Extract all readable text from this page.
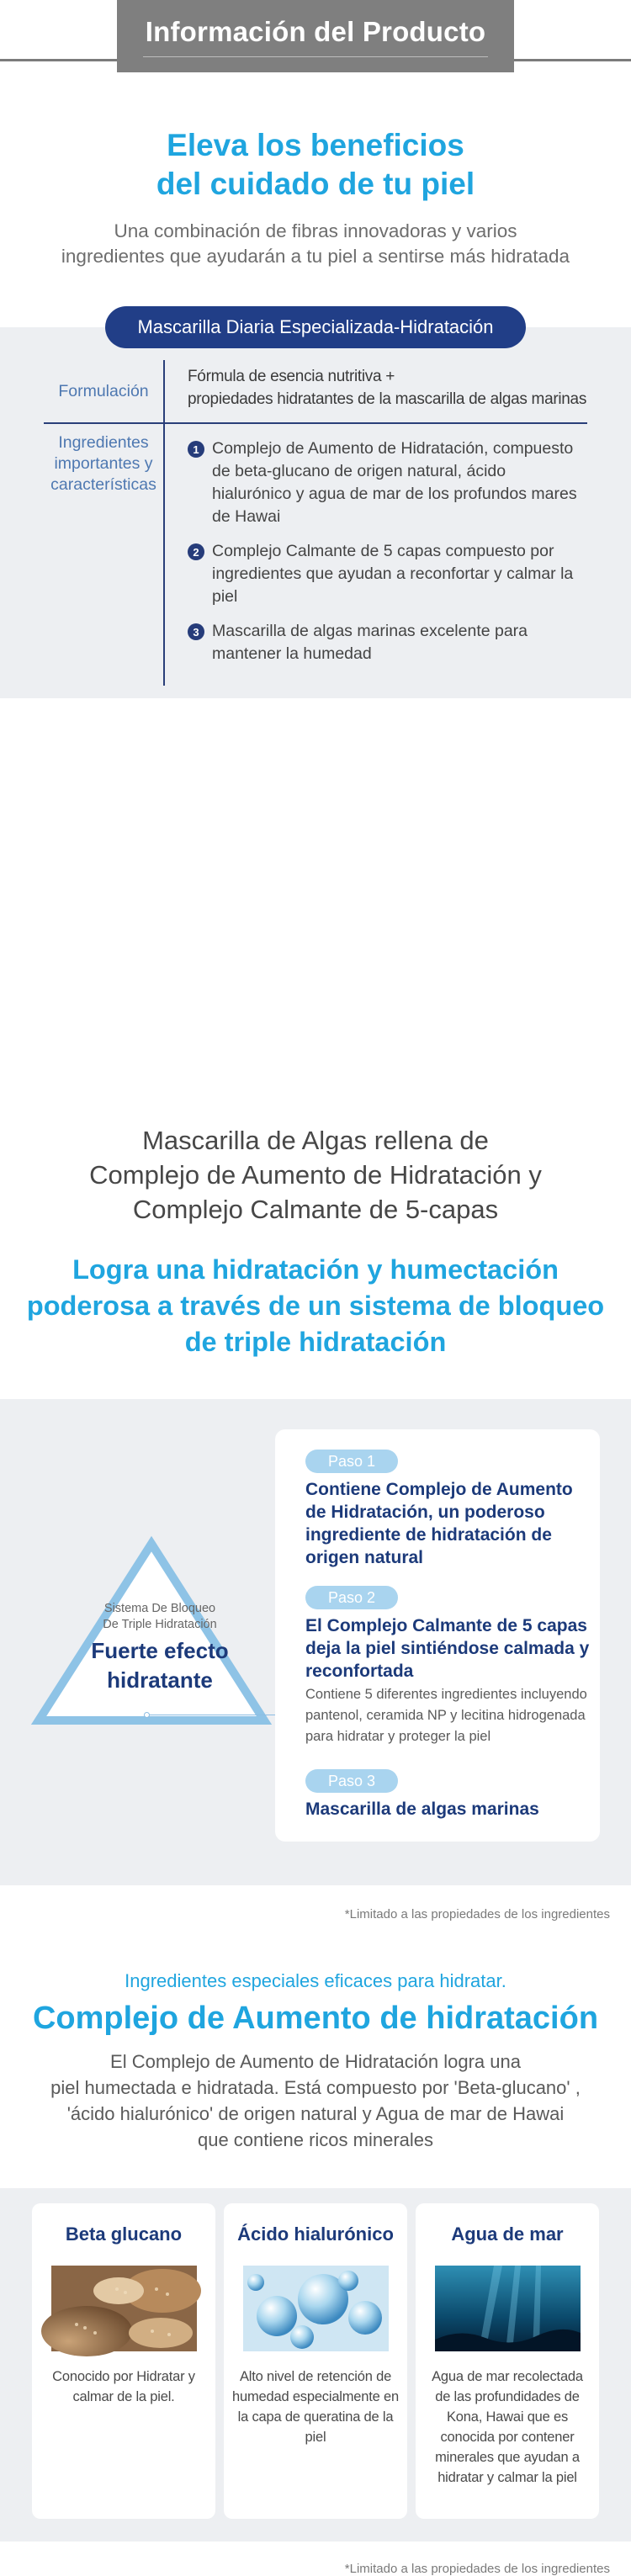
Información del Producto
Eleva los beneficios
del cuidado de tu piel

Una combinación de fibras innovadoras y varios
ingredientes que ayudarán a tu piel a sentirse más hidratada

Mascarilla Diaria Especializada-Hidratación
Formulación
Fórmula de esencia nutritiva +
propiedades hidratantes de la mascarilla de algas marinas
Ingredientes
importantes y
características
1 Complejo de Aumento de Hidratación, compuesto de beta-glucano de origen natural, ácido hialurónico y agua de mar de los profundos mares de Hawai
2 Complejo Calmante de 5 capas compuesto por ingredientes que ayudan a reconfortar y calmar la piel
3 Mascarilla de algas marinas excelente para mantener la humedad
Mascarilla de Algas rellena de
Complejo de Aumento de Hidratación y
Complejo Calmante de 5-capas
Logra una hidratación y humectación
poderosa a través de un sistema de bloqueo
de triple hidratación
Sistema De Bloqueo
De Triple Hidratación
Fuerte efecto
hidratante
Paso 1
Contiene Complejo de Aumento de Hidratación, un poderoso ingrediente de hidratación de origen natural
Paso 2
El Complejo Calmante de 5 capas deja la piel sintiéndose calmada y reconfortada
Contiene 5 diferentes ingredientes incluyendo pantenol, ceramida NP y lecitina hidrogenada para hidratar y proteger la piel
Paso 3
Mascarilla de algas marinas
*Limitado a las propiedades de los ingredientes
Ingredientes especiales eficaces para hidratar.
Complejo de Aumento de hidratación

El Complejo de Aumento de Hidratación logra una
piel humectada e hidratada. Está compuesto por 'Beta-glucano' ,
'ácido hialurónico' de origen natural y Agua de mar de Hawai
que contiene ricos minerales

Beta glucano

Conocido por Hidratar y calmar de la piel.

Ácido hialurónico

Alto nivel de retención de humedad especialmente en la capa de queratina de la piel

Agua de mar

Agua de mar recolectada de las profundidades de Kona, Hawai que es conocida por contener minerales que ayudan a hidratar y calmar la piel

*Limitado a las propiedades de los ingredientes
